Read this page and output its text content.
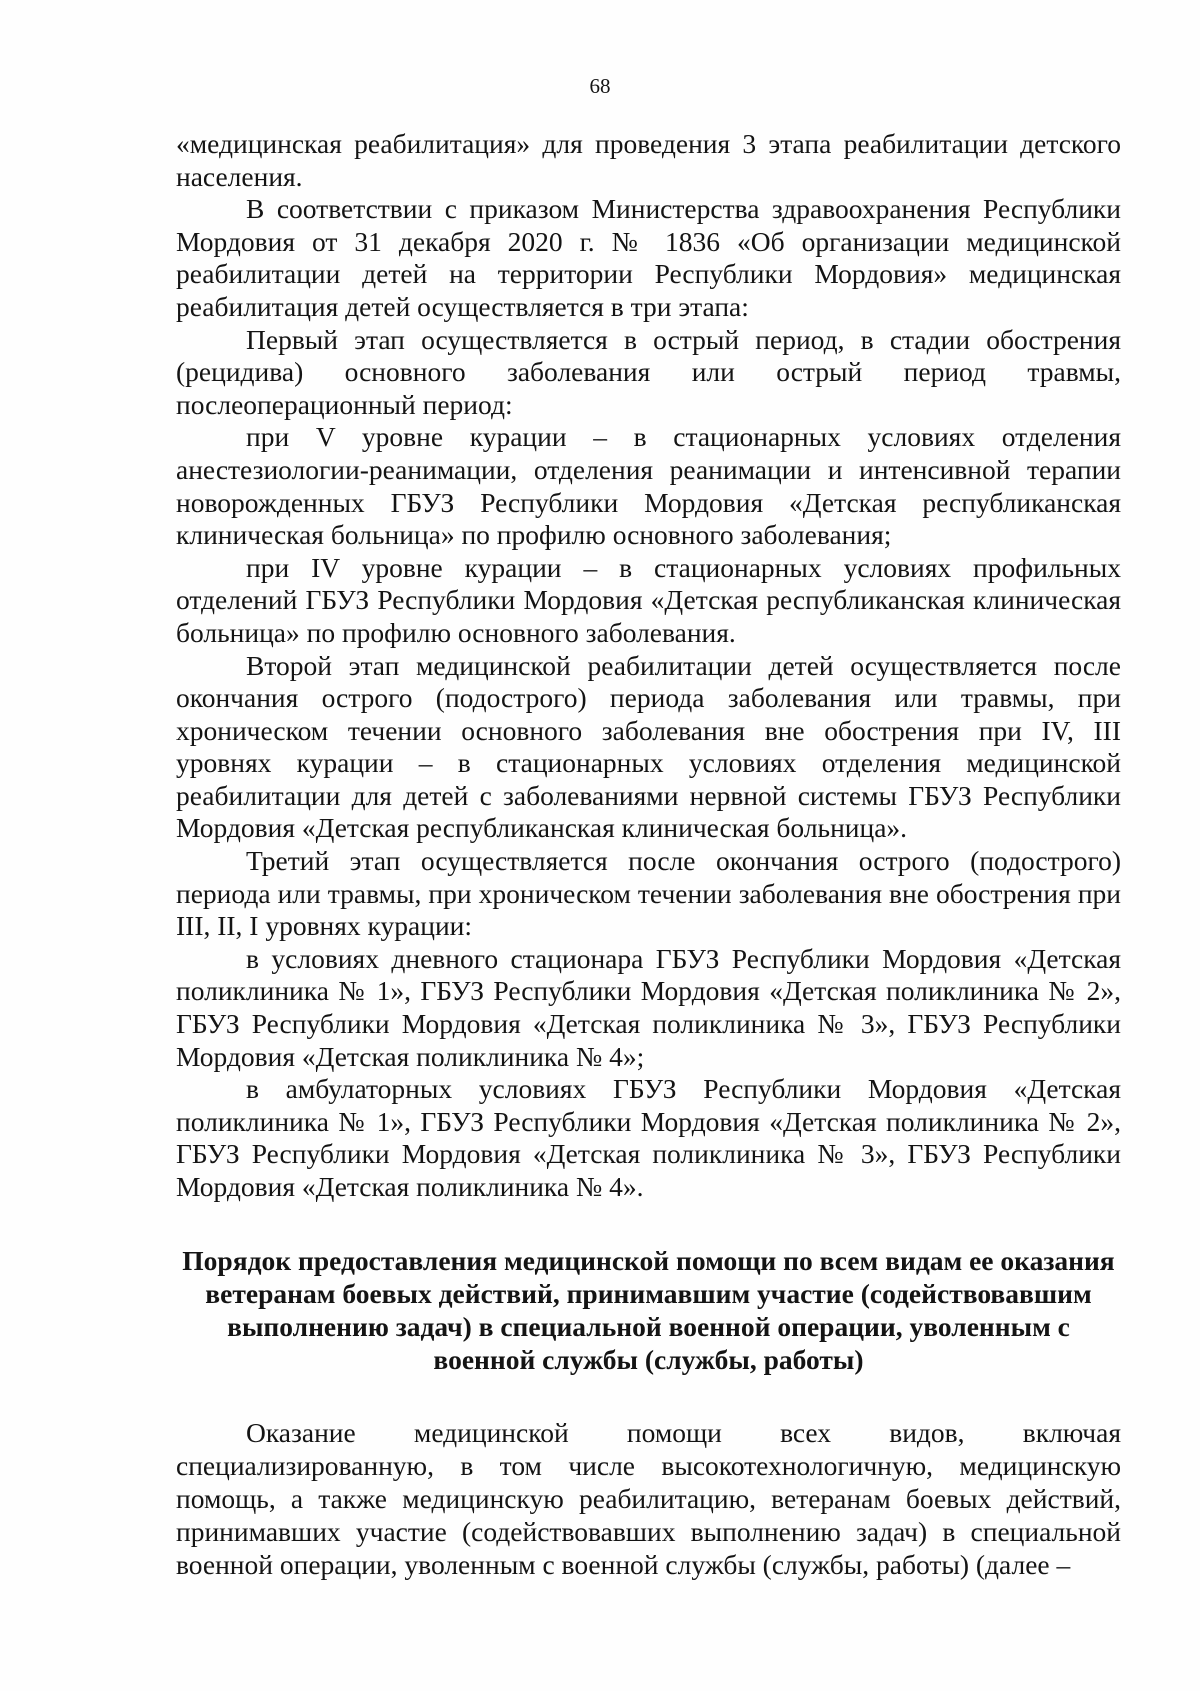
68

«медицинская реабилитация» для проведения 3 этапа реабилитации детского населения.

В соответствии с приказом Министерства здравоохранения Республики Мордовия от 31 декабря 2020 г. № 1836 «Об организации медицинской реабилитации детей на территории Республики Мордовия» медицинская реабилитация детей осуществляется в три этапа:

Первый этап осуществляется в острый период, в стадии обострения (рецидива) основного заболевания или острый период травмы, послеоперационный период:

при V уровне курации – в стационарных условиях отделения анестезиологии-реанимации, отделения реанимации и интенсивной терапии новорожденных ГБУЗ Республики Мордовия «Детская республиканская клиническая больница» по профилю основного заболевания;

при IV уровне курации – в стационарных условиях профильных отделений ГБУЗ Республики Мордовия «Детская республиканская клиническая больница» по профилю основного заболевания.

Второй этап медицинской реабилитации детей осуществляется после окончания острого (подострого) периода заболевания или травмы, при хроническом течении основного заболевания вне обострения при IV, III уровнях курации – в стационарных условиях отделения медицинской реабилитации для детей с заболеваниями нервной системы ГБУЗ Республики Мордовия «Детская республиканская клиническая больница».

Третий этап осуществляется после окончания острого (подострого) периода или травмы, при хроническом течении заболевания вне обострения при III, II, I уровнях курации:

в условиях дневного стационара ГБУЗ Республики Мордовия «Детская поликлиника № 1», ГБУЗ Республики Мордовия «Детская поликлиника № 2», ГБУЗ Республики Мордовия «Детская поликлиника № 3», ГБУЗ Республики Мордовия «Детская поликлиника № 4»;

в амбулаторных условиях ГБУЗ Республики Мордовия «Детская поликлиника № 1», ГБУЗ Республики Мордовия «Детская поликлиника № 2», ГБУЗ Республики Мордовия «Детская поликлиника № 3», ГБУЗ Республики Мордовия «Детская поликлиника № 4».

Порядок предоставления медицинской помощи по всем видам ее оказания ветеранам боевых действий, принимавшим участие (содействовавшим выполнению задач) в специальной военной операции, уволенным с военной службы (службы, работы)

Оказание медицинской помощи всех видов, включая специализированную, в том числе высокотехнологичную, медицинскую помощь, а также медицинскую реабилитацию, ветеранам боевых действий, принимавших участие (содействовавших выполнению задач) в специальной военной операции, уволенным с военной службы (службы, работы) (далее –
